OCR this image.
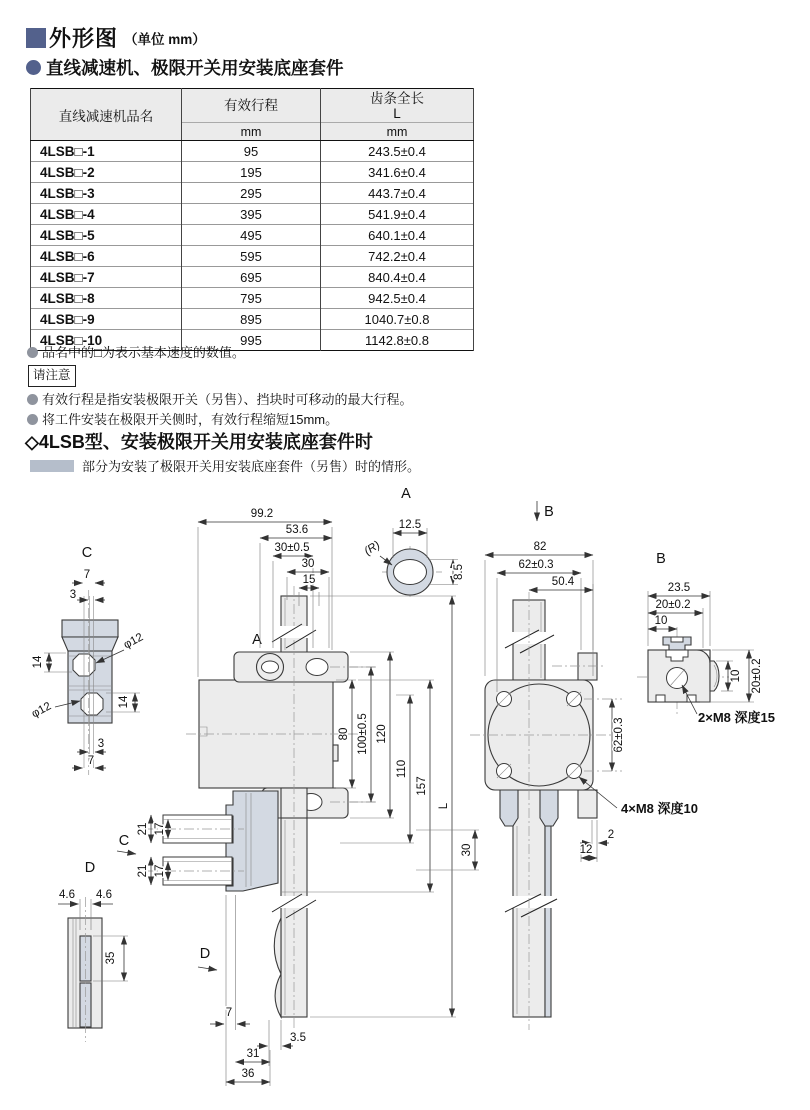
外形图 （单位 mm）
直线减速机、极限开关用安装底座套件
直线减速机品名	有效行程	齿条全长
L

	mm	mm

4LSB□-1	95	243.5±0.4
4LSB□-2	195	341.6±0.4
4LSB□-3	295	443.7±0.4
4LSB□-4	395	541.9±0.4
4LSB□-5	495	640.1±0.4
4LSB□-6	595	742.2±0.4
4LSB□-7	695	840.4±0.4
4LSB□-8	795	942.5±0.4
4LSB□-9	895	1040.7±0.8
4LSB□-10	995	1142.8±0.8
品名中的□为表示基本速度的数值。
请注意
有效行程是指安装极限开关（另售）、挡块时可移动的最大行程。
将工件安装在极限开关侧时，有效行程缩短15mm。
◇4LSB型、安装极限开关用安装底座套件时
部分为安装了极限开关用安装底座套件（另售）时的情形。
A
C
D
99.2
53.6
30±0.5
30
15
21 17
21 17
80 100±0.5 120
110
157
L
30
7
3.5
31
36
A
12.5
8.5
(R)
B
82
62±0.3
50.4
62±0.3
4×M8 深度10
2
12
B
23.5
20±0.2
10
10 20±0.2
2×M8 深度15
C
7
3
14
14
φ12
φ12
3
7
D
4.6 4.6
35
